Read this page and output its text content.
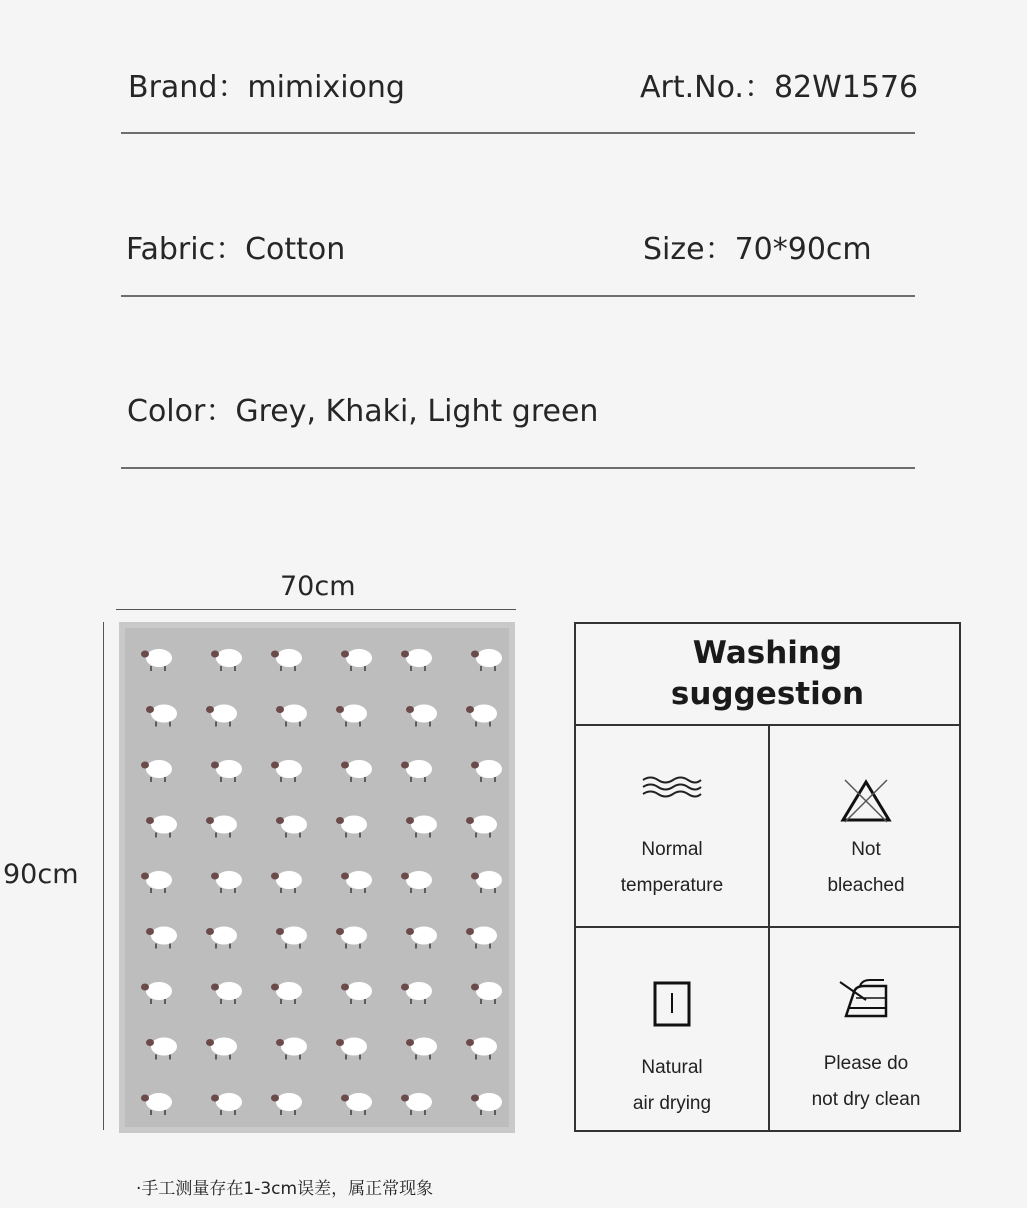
Brand：mimixiong	Art.No.：82W1576
Fabric：Cotton	Size：70*90cm
Color：Grey, Khaki, Light green
70cm
90cm
Washing suggestion
Normal
temperature
Not
bleached
Natural
air drying
Please do
not dry clean
·手工测量存在1-3cm误差，属正常现象
